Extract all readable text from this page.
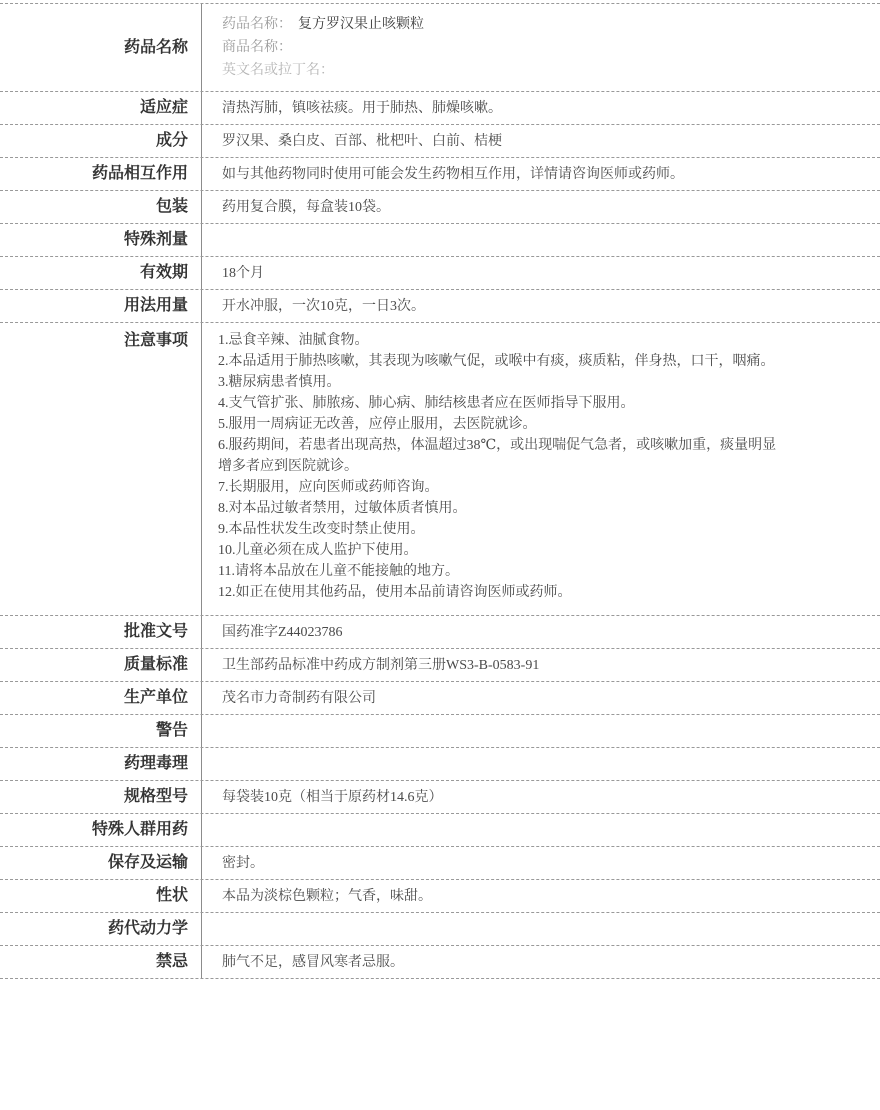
药品名称
药品名称： 复方罗汉果止咳颗粒
商品名称：
英文名或拉丁名：
适应症	清热泻肺，镇咳祛痰。用于肺热、肺燥咳嗽。
成分	罗汉果、桑白皮、百部、枇杷叶、白前、桔梗
药品相互作用	如与其他药物同时使用可能会发生药物相互作用，详情请咨询医师或药师。
包装	药用复合膜，每盒装10袋。
特殊剂量
有效期	18个月
用法用量	开水冲服，一次10克，一日3次。
注意事项	1.忌食辛辣、油腻食物。
2.本品适用于肺热咳嗽，其表现为咳嗽气促，或喉中有痰，痰质粘，伴身热，口干，咽痛。
3.糖尿病患者慎用。
4.支气管扩张、肺脓疡、肺心病、肺结核患者应在医师指导下服用。
5.服用一周病证无改善，应停止服用，去医院就诊。
6.服药期间，若患者出现高热，体温超过38℃，或出现喘促气急者，或咳嗽加重，痰量明显增多者应到医院就诊。
7.长期服用，应向医师或药师咨询。
8.对本品过敏者禁用，过敏体质者慎用。
9.本品性状发生改变时禁止使用。
10.儿童必须在成人监护下使用。
11.请将本品放在儿童不能接触的地方。
12.如正在使用其他药品，使用本品前请咨询医师或药师。
批准文号	国药准字Z44023786
质量标准	卫生部药品标准中药成方制剂第三册WS3-B-0583-91
生产单位	茂名市力奇制药有限公司
警告
药理毒理
规格型号	每袋装10克（相当于原药材14.6克）
特殊人群用药
保存及运输	密封。
性状	本品为淡棕色颗粒；气香，味甜。
药代动力学
禁忌	肺气不足，感冒风寒者忌服。
